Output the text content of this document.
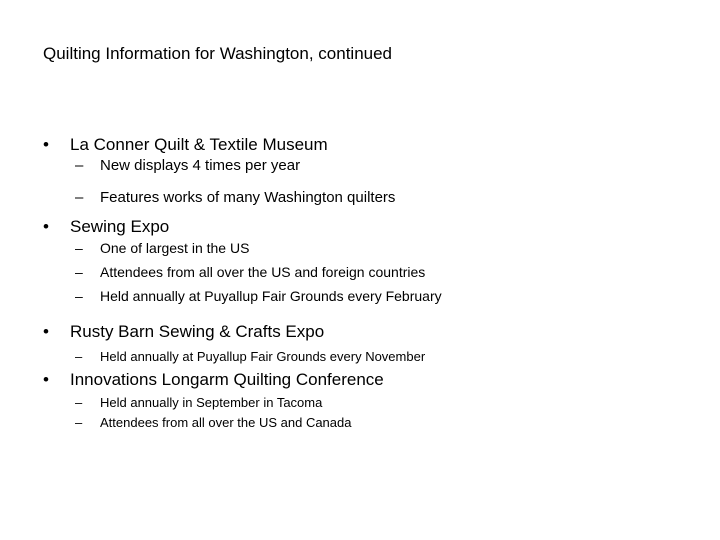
Quilting Information for Washington, continued
•	La Conner Quilt & Textile Museum
– New displays 4 times per year
– Features works of many Washington quilters
•	Sewing Expo
– One of largest in the US
– Attendees from all over the US and foreign countries
– Held annually at Puyallup Fair Grounds every February
•	Rusty Barn Sewing & Crafts Expo
– Held annually at Puyallup Fair Grounds every November
•	Innovations Longarm Quilting Conference
– Held annually in September in Tacoma
– Attendees from all over the US and Canada
